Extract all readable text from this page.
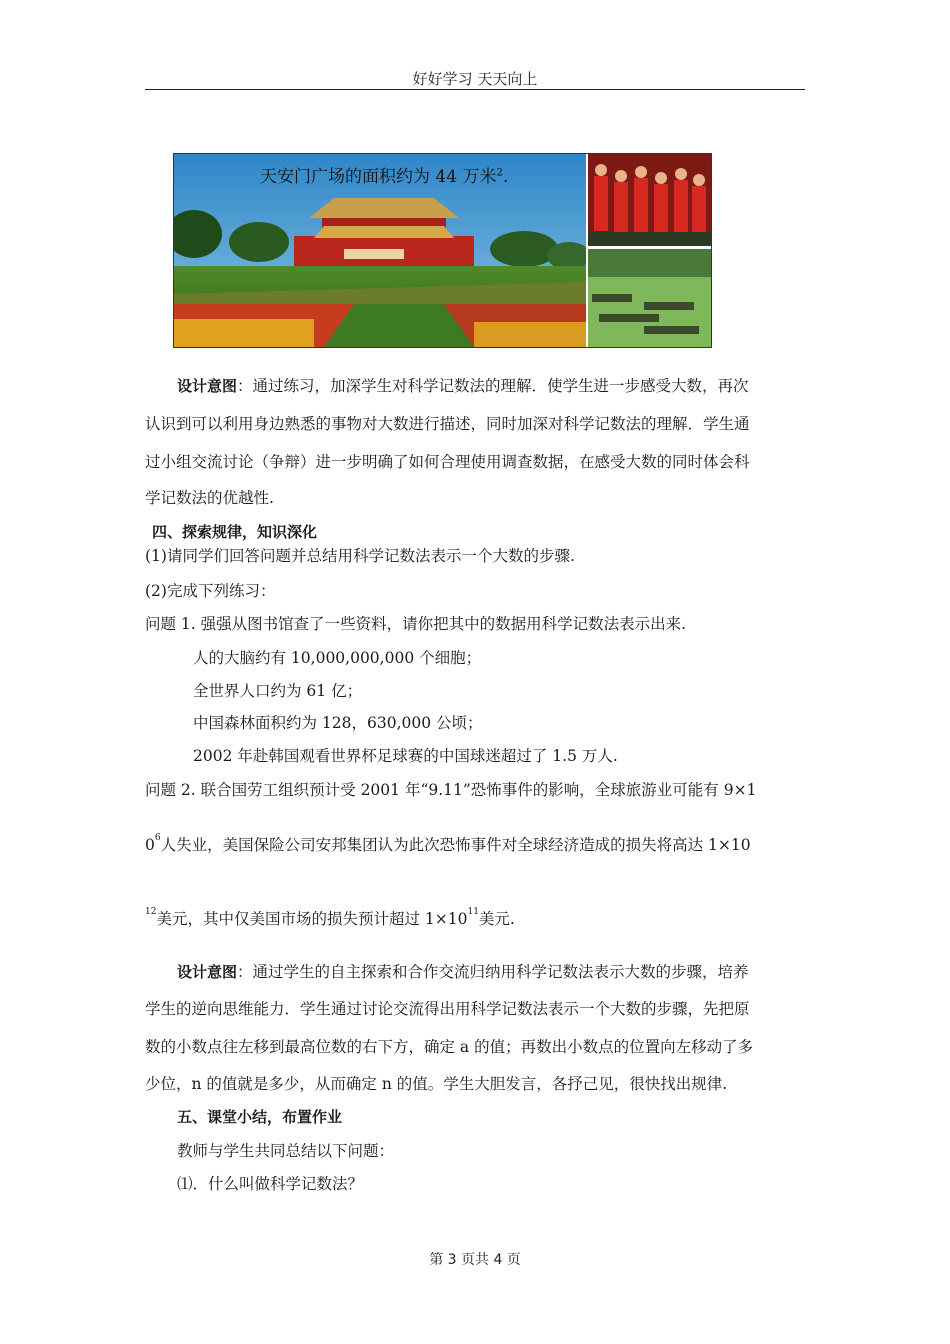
好好学习 天天向上
天安门广场的面积约为 44 万米$^2$.
设计意图：通过练习，加深学生对科学记数法的理解．使学生进一步感受大数，再次
认识到可以利用身边熟悉的事物对大数进行描述，同时加深对科学记数法的理解．学生通
过小组交流讨论（争辩）进一步明确了如何合理使用调查数据，在感受大数的同时体会科
学记数法的优越性.
四、探索规律，知识深化
(1)请同学们回答问题并总结用科学记数法表示一个大数的步骤.
(2)完成下列练习：
问题 1. 强强从图书馆查了一些资料，请你把其中的数据用科学记数法表示出来.
人的大脑约有 10,000,000,000 个细胞；
全世界人口约为 61 亿；
中国森林面积约为 128，630,000 公顷；
2002 年赴韩国观看世界杯足球赛的中国球迷超过了 1.5 万人.
问题 2. 联合国劳工组织预计受 2001 年“9.11”恐怖事件的影响，全球旅游业可能有 9×1
$0^6$人失业，美国保险公司安邦集团认为此次恐怖事件对全球经济造成的损失将高达 1×10
$^{12}$美元，其中仅美国市场的损失预计超过 $1\times 10^{11}$美元.
设计意图：通过学生的自主探索和合作交流归纳用科学记数法表示大数的步骤，培养
学生的逆向思维能力．学生通过讨论交流得出用科学记数法表示一个大数的步骤，先把原
数的小数点往左移到最高位数的右下方，确定 a 的值；再数出小数点的位置向左移动了多
少位，n 的值就是多少，从而确定 n 的值。学生大胆发言，各抒己见，很快找出规律.
五、课堂小结，布置作业
教师与学生共同总结以下问题：
⑴．什么叫做科学记数法？
第 3 页共 4 页
